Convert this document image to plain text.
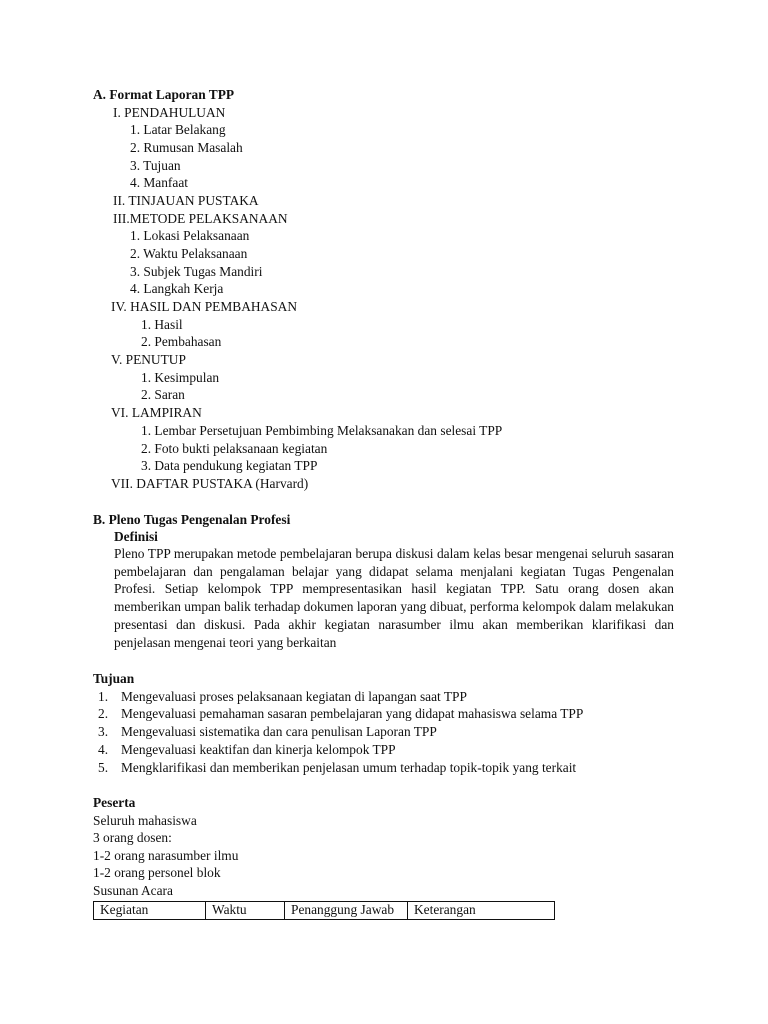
A. Format Laporan TPP
I. PENDAHULUAN
1. Latar Belakang
2. Rumusan Masalah
3. Tujuan
4. Manfaat
II. TINJAUAN PUSTAKA
III.METODE PELAKSANAAN
1. Lokasi Pelaksanaan
2. Waktu Pelaksanaan
3. Subjek Tugas Mandiri
4. Langkah Kerja
IV. HASIL DAN PEMBAHASAN
1. Hasil
2. Pembahasan
V. PENUTUP
1. Kesimpulan
2. Saran
VI. LAMPIRAN
1. Lembar Persetujuan Pembimbing Melaksanakan dan selesai TPP
2. Foto bukti pelaksanaan kegiatan
3. Data pendukung kegiatan TPP
VII. DAFTAR PUSTAKA (Harvard)
B. Pleno Tugas Pengenalan Profesi
Definisi
Pleno TPP merupakan metode pembelajaran berupa diskusi dalam kelas besar mengenai seluruh sasaran pembelajaran dan pengalaman belajar yang didapat selama menjalani kegiatan Tugas Pengenalan Profesi. Setiap kelompok TPP mempresentasikan hasil kegiatan TPP. Satu orang dosen akan memberikan umpan balik terhadap dokumen laporan yang dibuat, performa kelompok dalam melakukan presentasi dan diskusi. Pada akhir kegiatan narasumber ilmu akan memberikan klarifikasi dan penjelasan mengenai teori yang berkaitan
Tujuan
1. Mengevaluasi proses pelaksanaan kegiatan di lapangan saat TPP
2. Mengevaluasi pemahaman sasaran pembelajaran yang didapat mahasiswa selama TPP
3. Mengevaluasi sistematika dan cara penulisan Laporan TPP
4. Mengevaluasi keaktifan dan kinerja kelompok TPP
5. Mengklarifikasi dan memberikan penjelasan umum terhadap topik-topik yang terkait
Peserta
Seluruh mahasiswa
3 orang dosen:
1-2 orang narasumber ilmu
1-2 orang personel blok
Susunan Acara
Kegiatan	Waktu	Penanggung Jawab	Keterangan
